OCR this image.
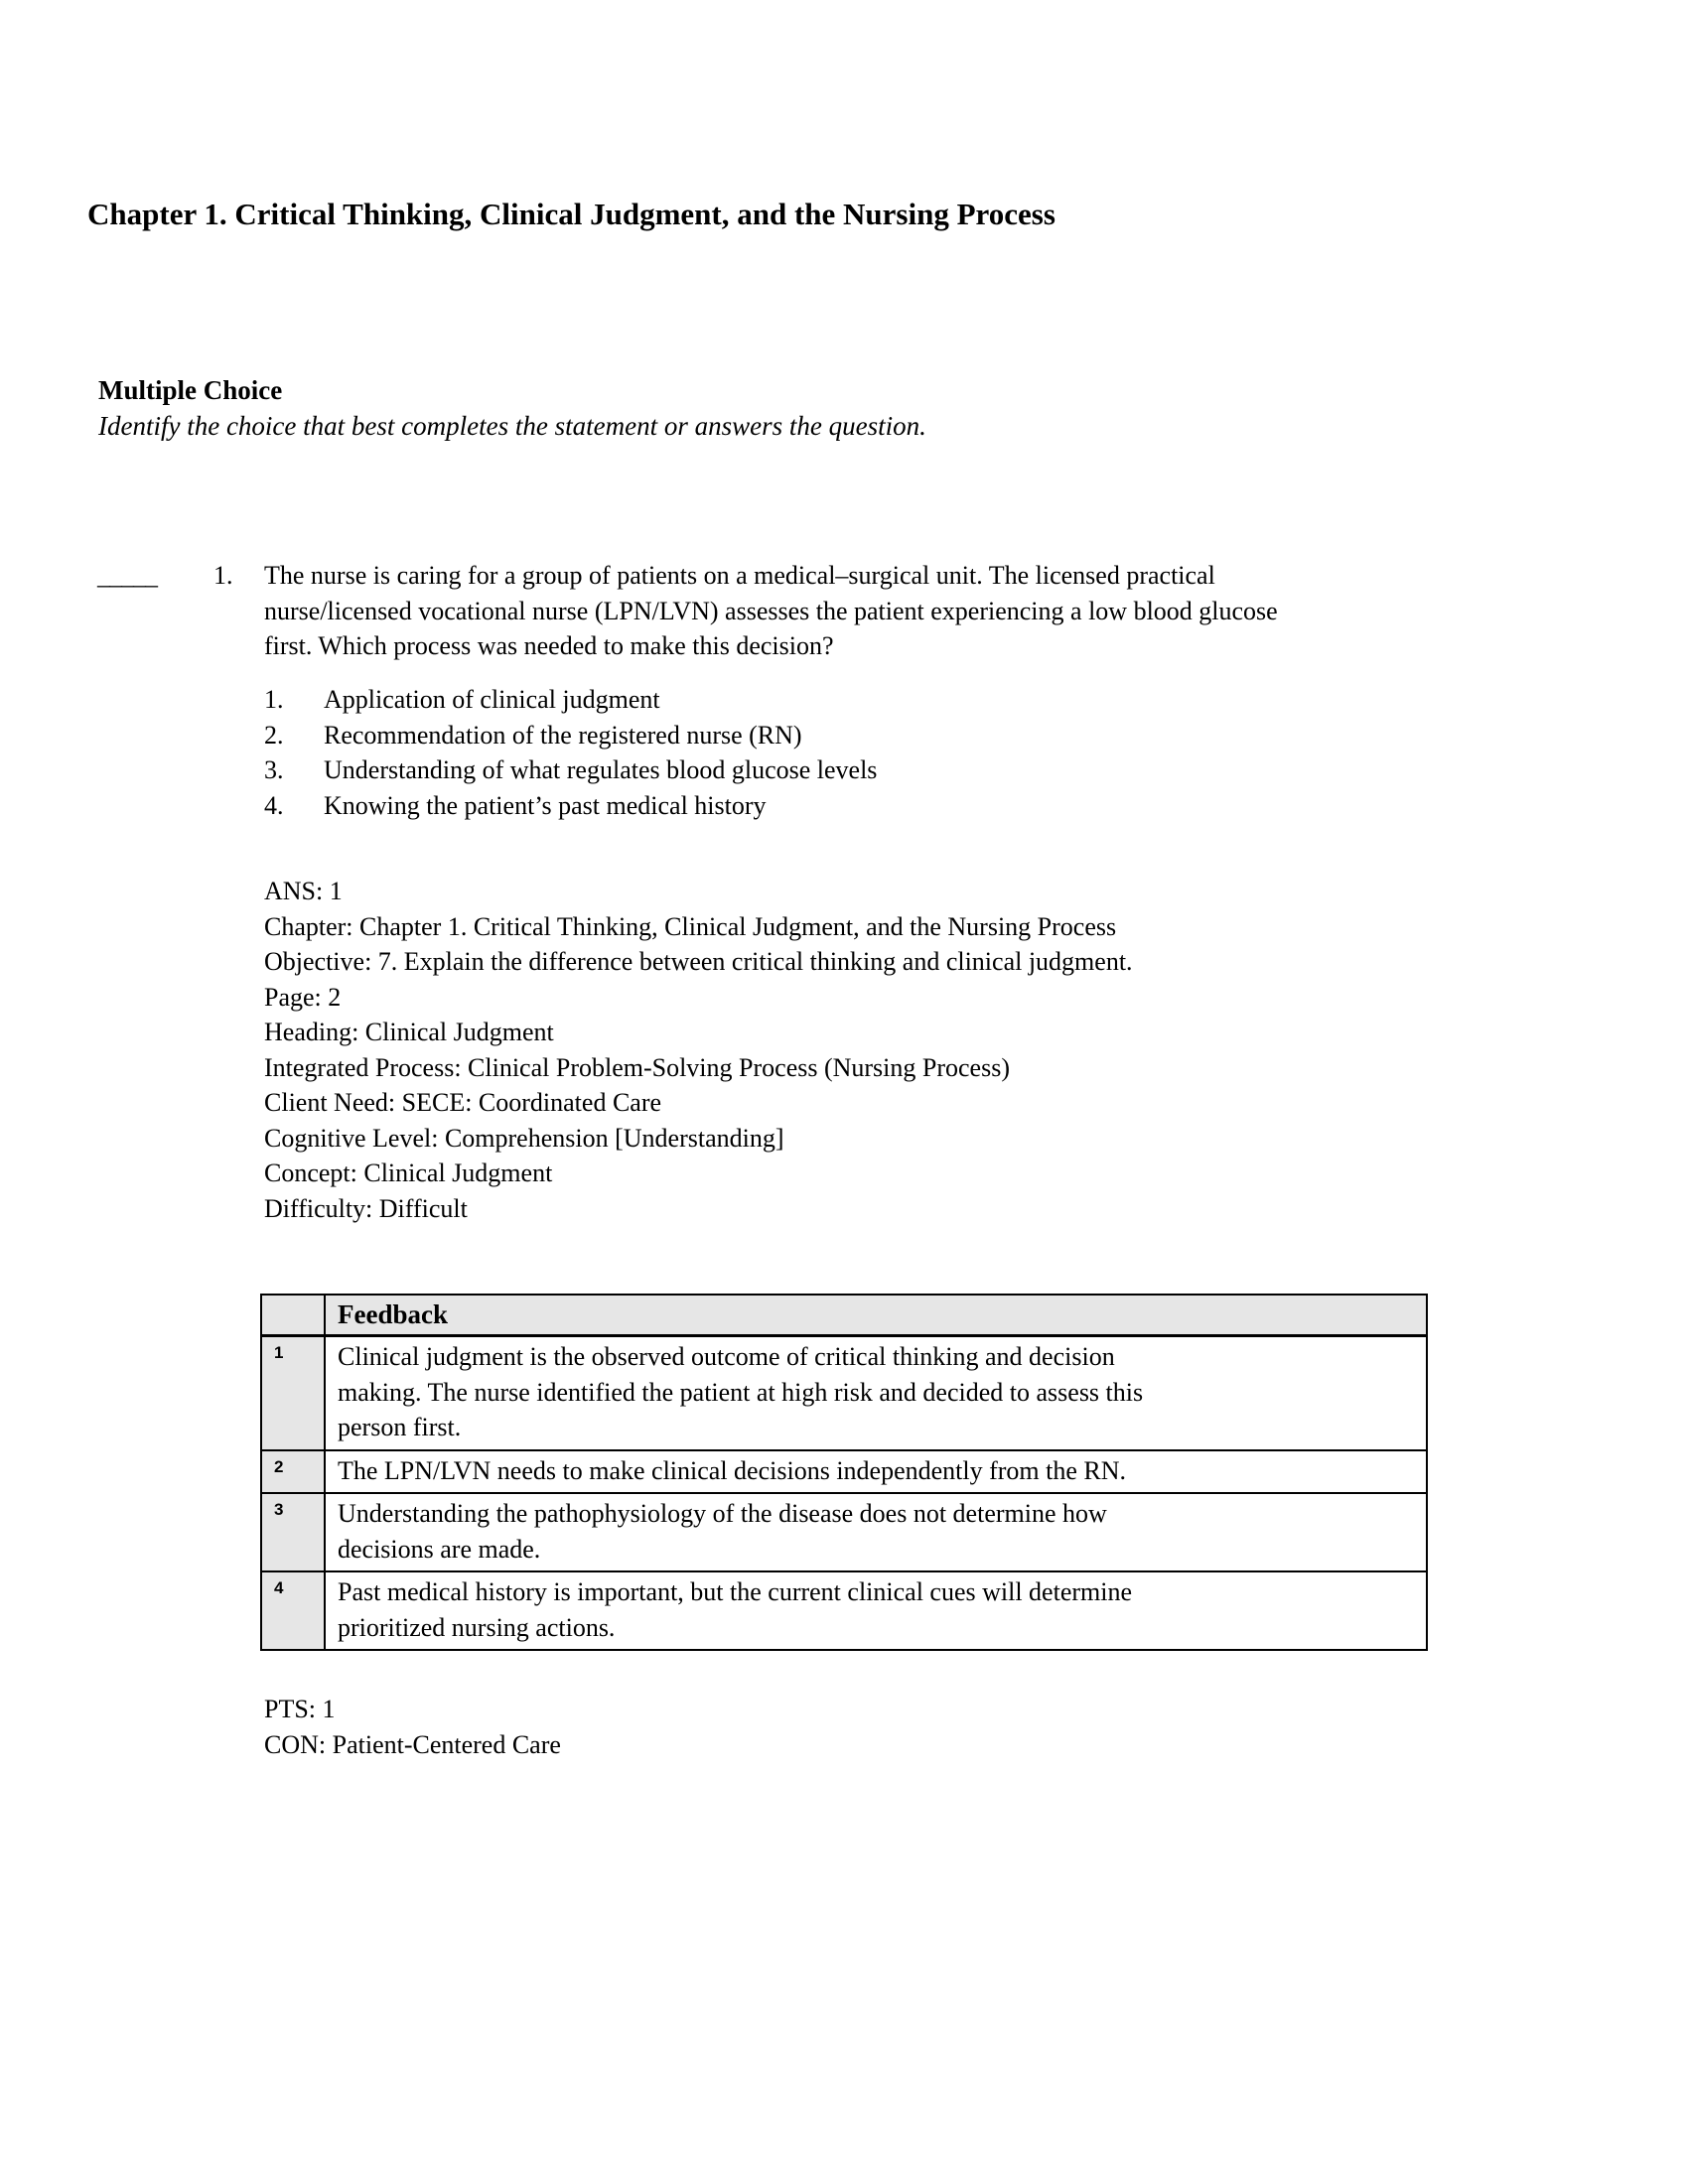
Chapter 1. Critical Thinking, Clinical Judgment, and the Nursing Process
Multiple Choice
Identify the choice that best completes the statement or answers the question.
_____ 1. The nurse is caring for a group of patients on a medical–surgical unit. The licensed practical
nurse/licensed vocational nurse (LPN/LVN) assesses the patient experiencing a low blood glucose
first. Which process was needed to make this decision?
1.	Application of clinical judgment
2.	Recommendation of the registered nurse (RN)
3.	Understanding of what regulates blood glucose levels
4.	Knowing the patient’s past medical history
ANS: 1
Chapter: Chapter 1. Critical Thinking, Clinical Judgment, and the Nursing Process
Objective: 7. Explain the difference between critical thinking and clinical judgment.
Page: 2
Heading: Clinical Judgment
Integrated Process: Clinical Problem-Solving Process (Nursing Process)
Client Need: SECE: Coordinated Care
Cognitive Level: Comprehension [Understanding]
Concept: Clinical Judgment
Difficulty: Difficult
	Feedback
1	Clinical judgment is the observed outcome of critical thinking and decision
making. The nurse identified the patient at high risk and decided to assess this
person first.

2	The LPN/LVN needs to make clinical decisions independently from the RN.

3	Understanding the pathophysiology of the disease does not determine how
decisions are made.

4	Past medical history is important, but the current clinical cues will determine
prioritized nursing actions.
PTS: 1
CON: Patient-Centered Care
